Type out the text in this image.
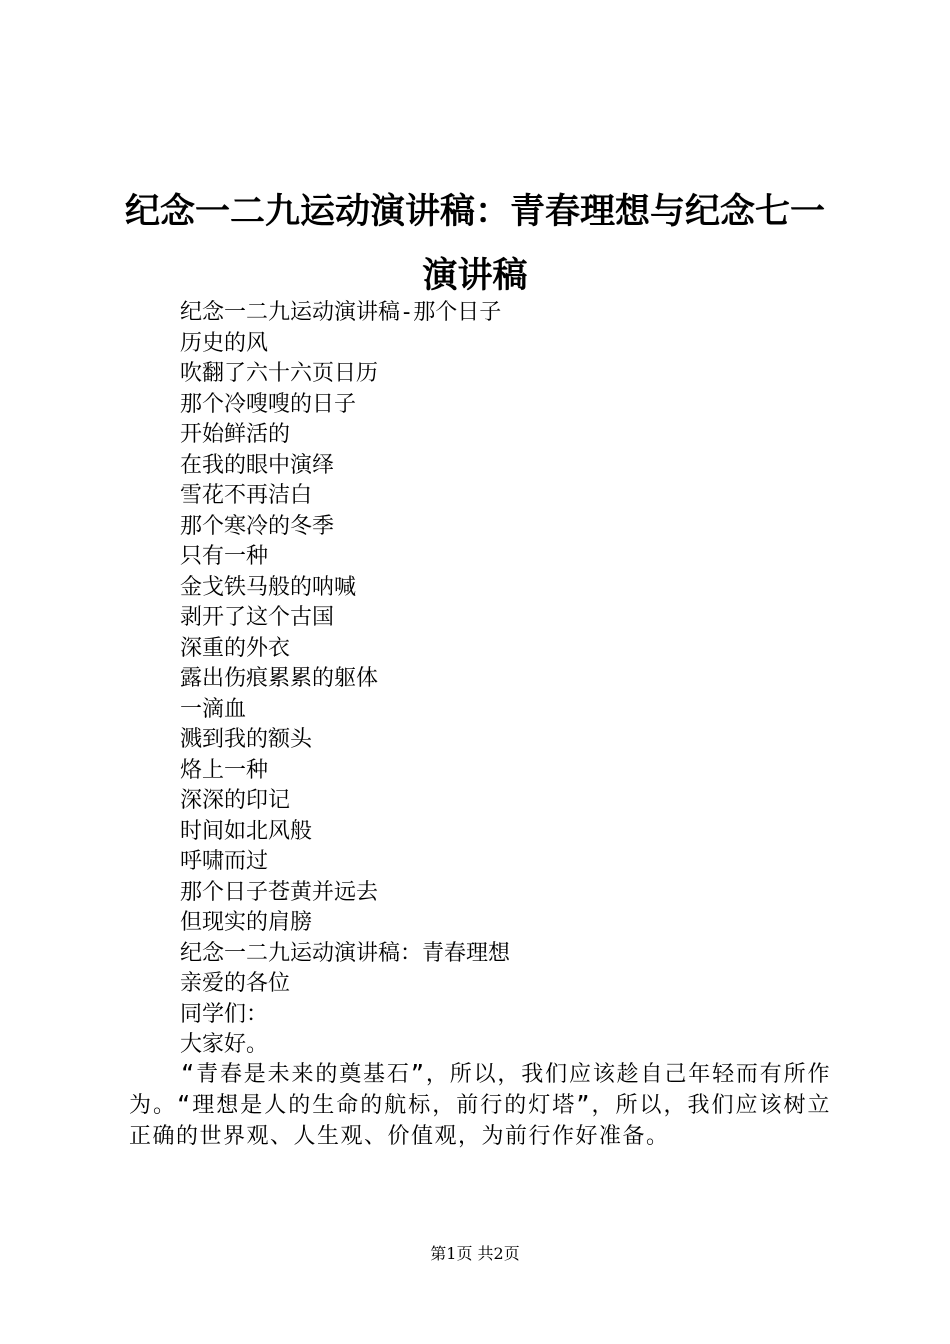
纪念一二九运动演讲稿：青春理想与纪念七一演讲稿
纪念一二九运动演讲稿-那个日子
历史的风
吹翻了六十六页日历
那个冷嗖嗖的日子
开始鲜活的
在我的眼中演绎
雪花不再洁白
那个寒冷的冬季
只有一种
金戈铁马般的呐喊
剥开了这个古国
深重的外衣
露出伤痕累累的躯体
一滴血
溅到我的额头
烙上一种
深深的印记
时间如北风般
呼啸而过
那个日子苍黄并远去
但现实的肩膀
纪念一二九运动演讲稿：青春理想
亲爱的各位
同学们：
大家好。

“青春是未来的奠基石”，所以，我们应该趁自己年轻而有所作为。“理想是人的生命的航标，前行的灯塔”，所以，我们应该树立正确的世界观、人生观、价值观，为前行作好准备。

第1页 共2页
